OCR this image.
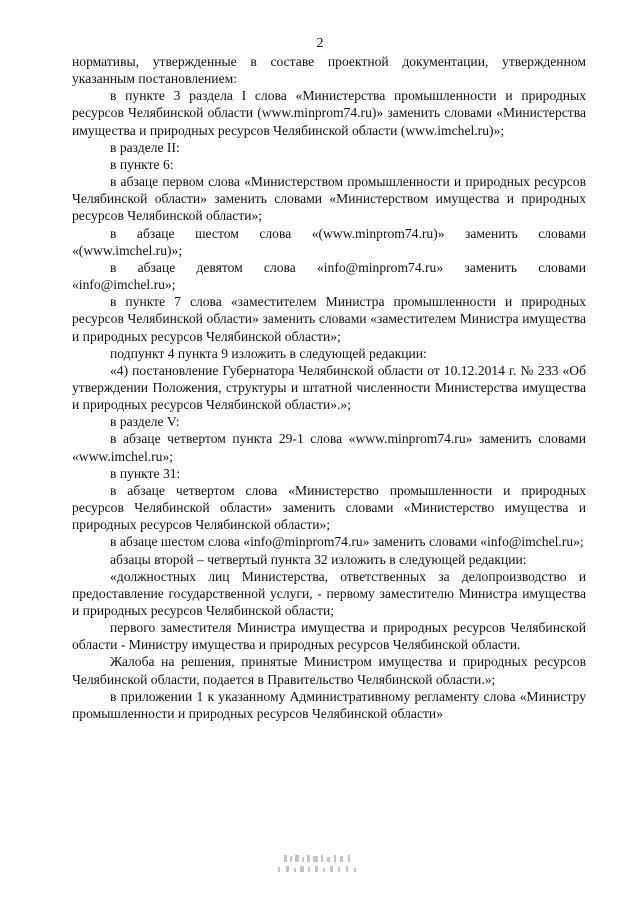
2

нормативы, утвержденные в составе проектной документации, утвержденном указанным постановлением:

в пункте 3 раздела I слова «Министерства промышленности и природных ресурсов Челябинской области (www.minprom74.ru)» заменить словами «Министерства имущества и природных ресурсов Челябинской области (www.imchel.ru)»;

в разделе II:

в пункте 6:

в абзаце первом слова «Министерством промышленности и природных ресурсов Челябинской области» заменить словами «Министерством имущества и природных ресурсов Челябинской области»;

в абзаце шестом слова «(www.minprom74.ru)» заменить словами «(www.imchel.ru)»;

в абзаце девятом слова «info@minprom74.ru» заменить словами «info@imchel.ru»;

в пункте 7 слова «заместителем Министра промышленности и природных ресурсов Челябинской области» заменить словами «заместителем Министра имущества и природных ресурсов Челябинской области»;

подпункт 4 пункта 9 изложить в следующей редакции:

«4) постановление Губернатора Челябинской области от 10.12.2014 г. № 233 «Об утверждении Положения, структуры и штатной численности Министерства имущества и природных ресурсов Челябинской области».»;

в разделе V:

в абзаце четвертом пункта 29-1 слова «www.minprom74.ru» заменить словами «www.imchel.ru»;

в пункте 31:

в абзаце четвертом слова «Министерство промышленности и природных ресурсов Челябинской области» заменить словами «Министерство имущества и природных ресурсов Челябинской области»;

в абзаце шестом слова «info@minprom74.ru» заменить словами «info@imchel.ru»;

абзацы второй – четвертый пункта 32 изложить в следующей редакции:

«должностных лиц Министерства, ответственных за делопроизводство и предоставление государственной услуги, - первому заместителю Министра имущества и природных ресурсов Челябинской области;

первого заместителя Министра имущества и природных ресурсов Челябинской области - Министру имущества и природных ресурсов Челябинской области.

Жалоба на решения, принятые Министром имущества и природных ресурсов Челябинской области, подается в Правительство Челябинской области.»;

в приложении 1 к указанному Административному регламенту слова «Министру промышленности и природных ресурсов Челябинской области»
